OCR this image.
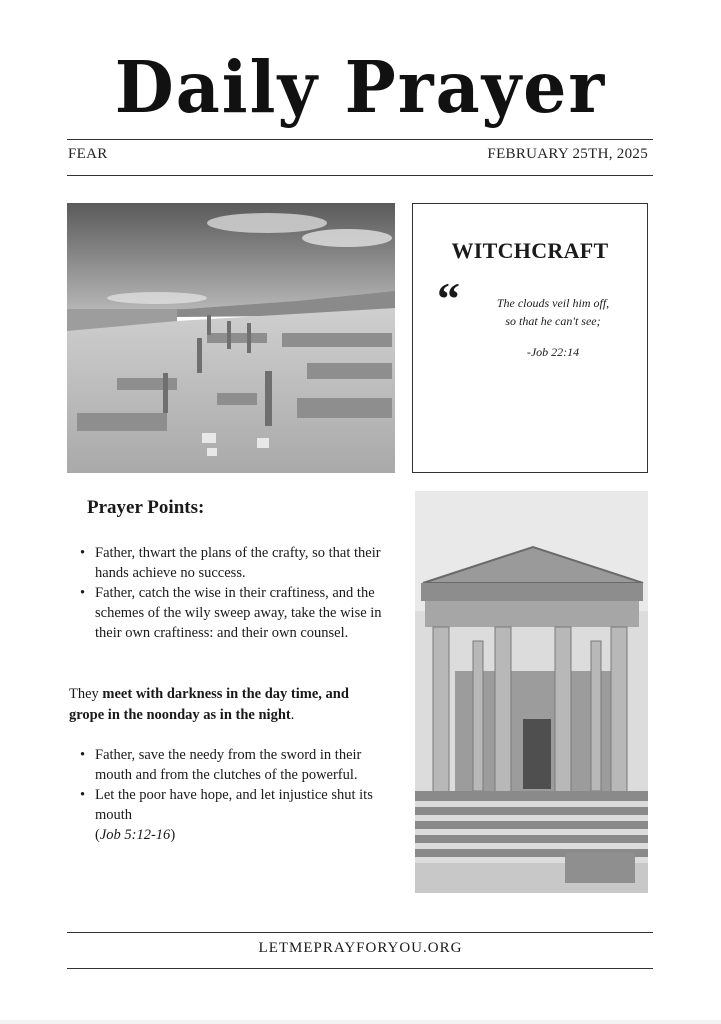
Daily Prayer
FEAR	FEBRUARY 25TH, 2025
WITCHCRAFT
“	The clouds veil him off,
so that he can't see;
-Job 22:14
Prayer Points:
• Father, thwart the plans of the crafty, so that their hands achieve no success.
• Father, catch the wise in their craftiness, and the schemes of the wily sweep away, take the wise in their own craftiness: and their own counsel.
They meet with darkness in the day time, and grope in the noonday as in the night.
• Father, save the needy from the sword in their mouth and from the clutches of the powerful.
• Let the poor have hope, and let injustice shut its mouth
(Job 5:12-16)
LETMEPRAYFORYOU.ORG
